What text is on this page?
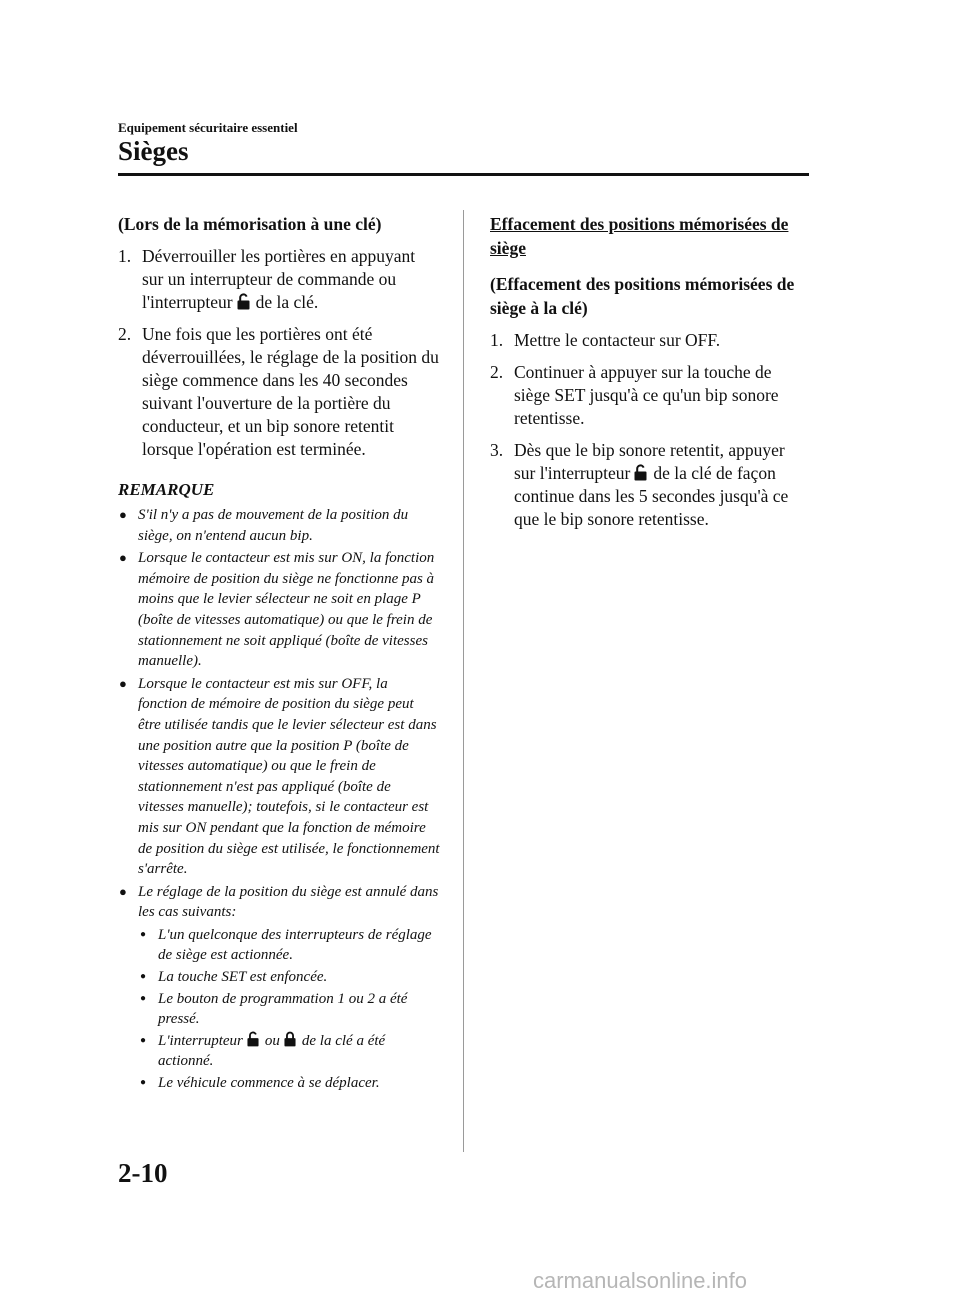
Equipement sécuritaire essentiel
Sièges

(Lors de la mémorisation à une clé)

1. Déverrouiller les portières en appuyant sur un interrupteur de commande ou l'interrupteur de la clé.

2. Une fois que les portières ont été déverrouillées, le réglage de la position du siège commence dans les 40 secondes suivant l'ouverture de la portière du conducteur, et un bip sonore retentit lorsque l'opération est terminée.

REMARQUE

● S'il n'y a pas de mouvement de la position du siège, on n'entend aucun bip.

● Lorsque le contacteur est mis sur ON, la fonction mémoire de position du siège ne fonctionne pas à moins que le levier sélecteur ne soit en plage P (boîte de vitesses automatique) ou que le frein de stationnement ne soit appliqué (boîte de vitesses manuelle).

● Lorsque le contacteur est mis sur OFF, la fonction de mémoire de position du siège peut être utilisée tandis que le levier sélecteur est dans une position autre que la position P (boîte de vitesses automatique) ou que le frein de stationnement n'est pas appliqué (boîte de vitesses manuelle); toutefois, si le contacteur est mis sur ON pendant que la fonction de mémoire de position du siège est utilisée, le fonctionnement s'arrête.

● Le réglage de la position du siège est annulé dans les cas suivants:

● L'un quelconque des interrupteurs de réglage de siège est actionnée.

● La touche SET est enfoncée.

● Le bouton de programmation 1 ou 2 a été pressé.

● L'interrupteur ou de la clé a été actionné.

● Le véhicule commence à se déplacer.

Effacement des positions mémorisées de siège

(Effacement des positions mémorisées de siège à la clé)

1. Mettre le contacteur sur OFF.

2. Continuer à appuyer sur la touche de siège SET jusqu'à ce qu'un bip sonore retentisse.

3. Dès que le bip sonore retentit, appuyer sur l'interrupteur de la clé de façon continue dans les 5 secondes jusqu'à ce que le bip sonore retentisse.

2-10
carmanualsonline.info
